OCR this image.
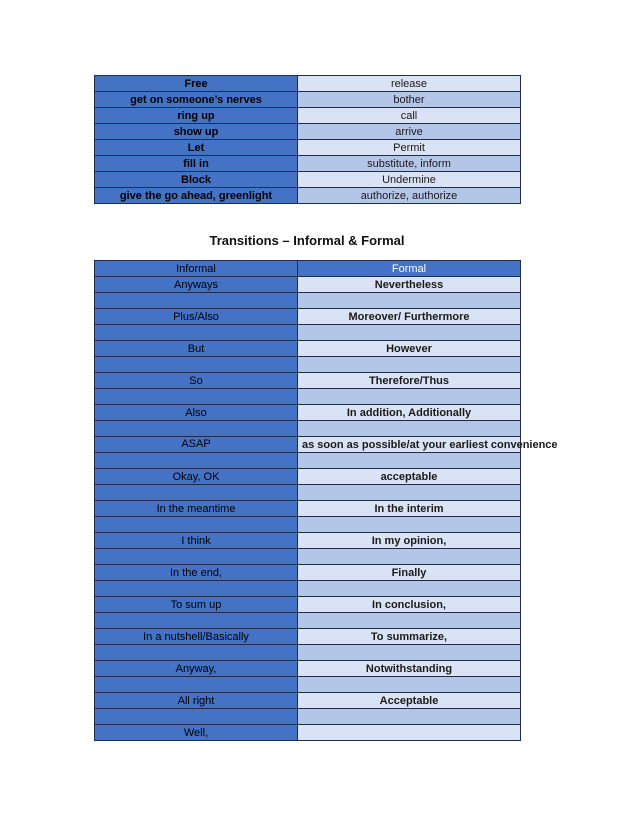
Free	release
get on someone’s nerves	bother
ring up	call
show up	arrive
Let	Permit
fill in	substitute, inform
Block	Undermine
give the go ahead, greenlight	authorize, authorize
Transitions – Informal & Formal
Informal	Formal
Anyways	Nevertheless

Plus/Also	Moreover/ Furthermore

But	However

So	Therefore/Thus

Also	In addition, Additionally

ASAP	as soon as possible/at your earliest convenience

Okay, OK	acceptable

In the meantime	In the interim

I think	In my opinion,

In the end,	Finally

To sum up	In conclusion,

In a nutshell/Basically	To summarize,

Anyway,	Notwithstanding

All right	Acceptable

Well,	
